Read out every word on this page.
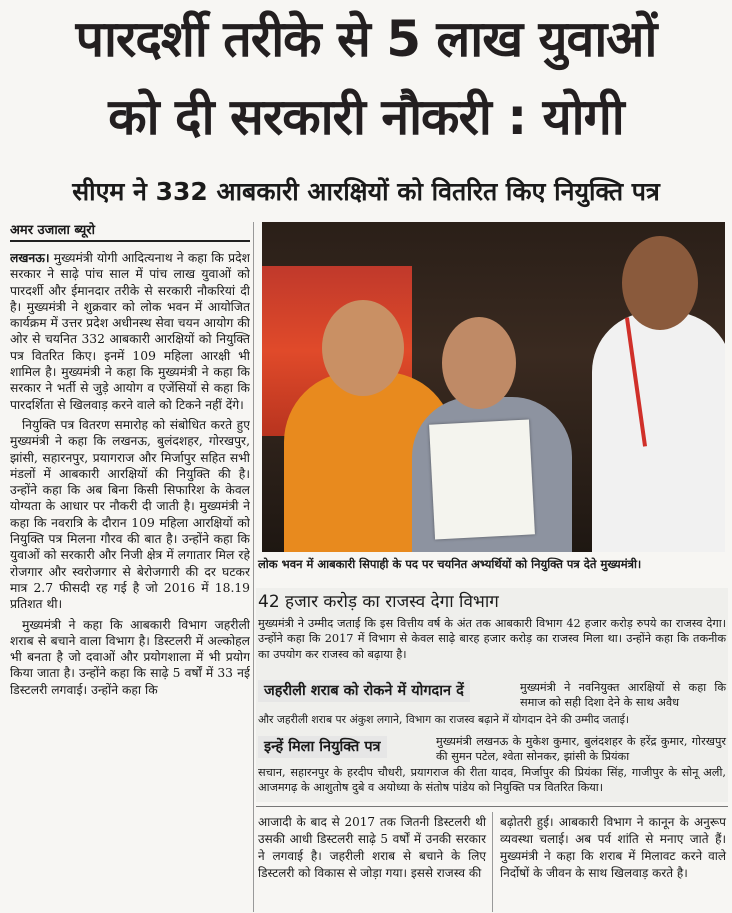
पारदर्शी तरीके से 5 लाख युवाओं
को दी सरकारी नौकरी : योगी
सीएम ने 332 आबकारी आरक्षियों को वितरित किए नियुक्ति पत्र
अमर उजाला ब्यूरो

लखनऊ। मुख्यमंत्री योगी आदित्यनाथ ने कहा कि प्रदेश सरकार ने साढ़े पांच साल में पांच लाख युवाओं को पारदर्शी और ईमानदार तरीके से सरकारी नौकरियां दी है। मुख्यमंत्री ने शुक्रवार को लोक भवन में आयोजित कार्यक्रम में उत्तर प्रदेश अधीनस्थ सेवा चयन आयोग की ओर से चयनित 332 आबकारी आरक्षियों को नियुक्ति पत्र वितरित किए। इनमें 109 महिला आरक्षी भी शामिल है। मुख्यमंत्री ने कहा कि मुख्यमंत्री ने कहा कि सरकार ने भर्ती से जुड़े आयोग व एजेंसियों से कहा कि पारदर्शिता से खिलवाड़ करने वाले को टिकने नहीं देंगे।

नियुक्ति पत्र वितरण समारोह को संबोधित करते हुए मुख्यमंत्री ने कहा कि लखनऊ, बुलंदशहर, गोरखपुर, झांसी, सहारनपुर, प्रयागराज और मिर्जापुर सहित सभी मंडलों में आबकारी आरक्षियों की नियुक्ति की है। उन्होंने कहा कि अब बिना किसी सिफारिश के केवल योग्यता के आधार पर नौकरी दी जाती है। मुख्यमंत्री ने कहा कि नवरात्रि के दौरान 109 महिला आरक्षियों को नियुक्ति पत्र मिलना गौरव की बात है। उन्होंने कहा कि युवाओं को सरकारी और निजी क्षेत्र में लगातार मिल रहे रोजगार और स्वरोजगार से बेरोजगारी की दर घटकर मात्र 2.7 फीसदी रह गई है जो 2016 में 18.19 प्रतिशत थी।

मुख्यमंत्री ने कहा कि आबकारी विभाग जहरीली शराब से बचाने वाला विभाग है। डिस्टलरी में अल्कोहल भी बनता है जो दवाओं और प्रयोगशाला में भी प्रयोग किया जाता है। उन्होंने कहा कि साढ़े 5 वर्षों में 33 नई डिस्टलरी लगवाई। उन्होंने कहा कि

लोक भवन में आबकारी सिपाही के पद पर चयनित अभ्यर्थियों को नियुक्ति पत्र देते मुख्यमंत्री।
42 हजार करोड़ का राजस्व देगा विभाग
मुख्यमंत्री ने उम्मीद जताई कि इस वित्तीय वर्ष के अंत तक आबकारी विभाग 42 हजार करोड़ रुपये का राजस्व देगा। उन्होंने कहा कि 2017 में विभाग से केवल साढ़े बारह हजार करोड़ का राजस्व मिला था। उन्होंने कहा कि तकनीक का उपयोग कर राजस्व को बढ़ाया है।
जहरीली शराब को रोकने में योगदान दें	मुख्यमंत्री ने नवनियुक्त आरक्षियों से कहा कि समाज को सही दिशा देने के साथ अवैध
और जहरीली शराब पर अंकुश लगाने, विभाग का राजस्व बढ़ाने में योगदान देने की उम्मीद जताई।
इन्हें मिला नियुक्ति पत्र	मुख्यमंत्री लखनऊ के मुकेश कुमार, बुलंदशहर के हरेंद्र कुमार, गोरखपुर की सुमन पटेल, श्वेता सोनकर, झांसी के प्रियंका
सचान, सहारनपुर के हरदीप चौधरी, प्रयागराज की रीता यादव, मिर्जापुर की प्रियंका सिंह, गाजीपुर के सोनू अली, आजमगढ़ के आशुतोष दुबे व अयोध्या के संतोष पांडेय को नियुक्ति पत्र वितरित किया।
आजादी के बाद से 2017 तक जितनी डिस्टलरी थी उसकी आधी डिस्टलरी साढ़े 5 वर्षों में उनकी सरकार ने लगवाई है। जहरीली शराब से बचाने के लिए डिस्टलरी को विकास से जोड़ा गया। इससे राजस्व की
बढ़ोतरी हुई। आबकारी विभाग ने कानून के अनुरूप व्यवस्था चलाई। अब पर्व शांति से मनाए जाते हैं। मुख्यमंत्री ने कहा कि शराब में मिलावट करने वाले निर्दोषों के जीवन के साथ खिलवाड़ करते है।
